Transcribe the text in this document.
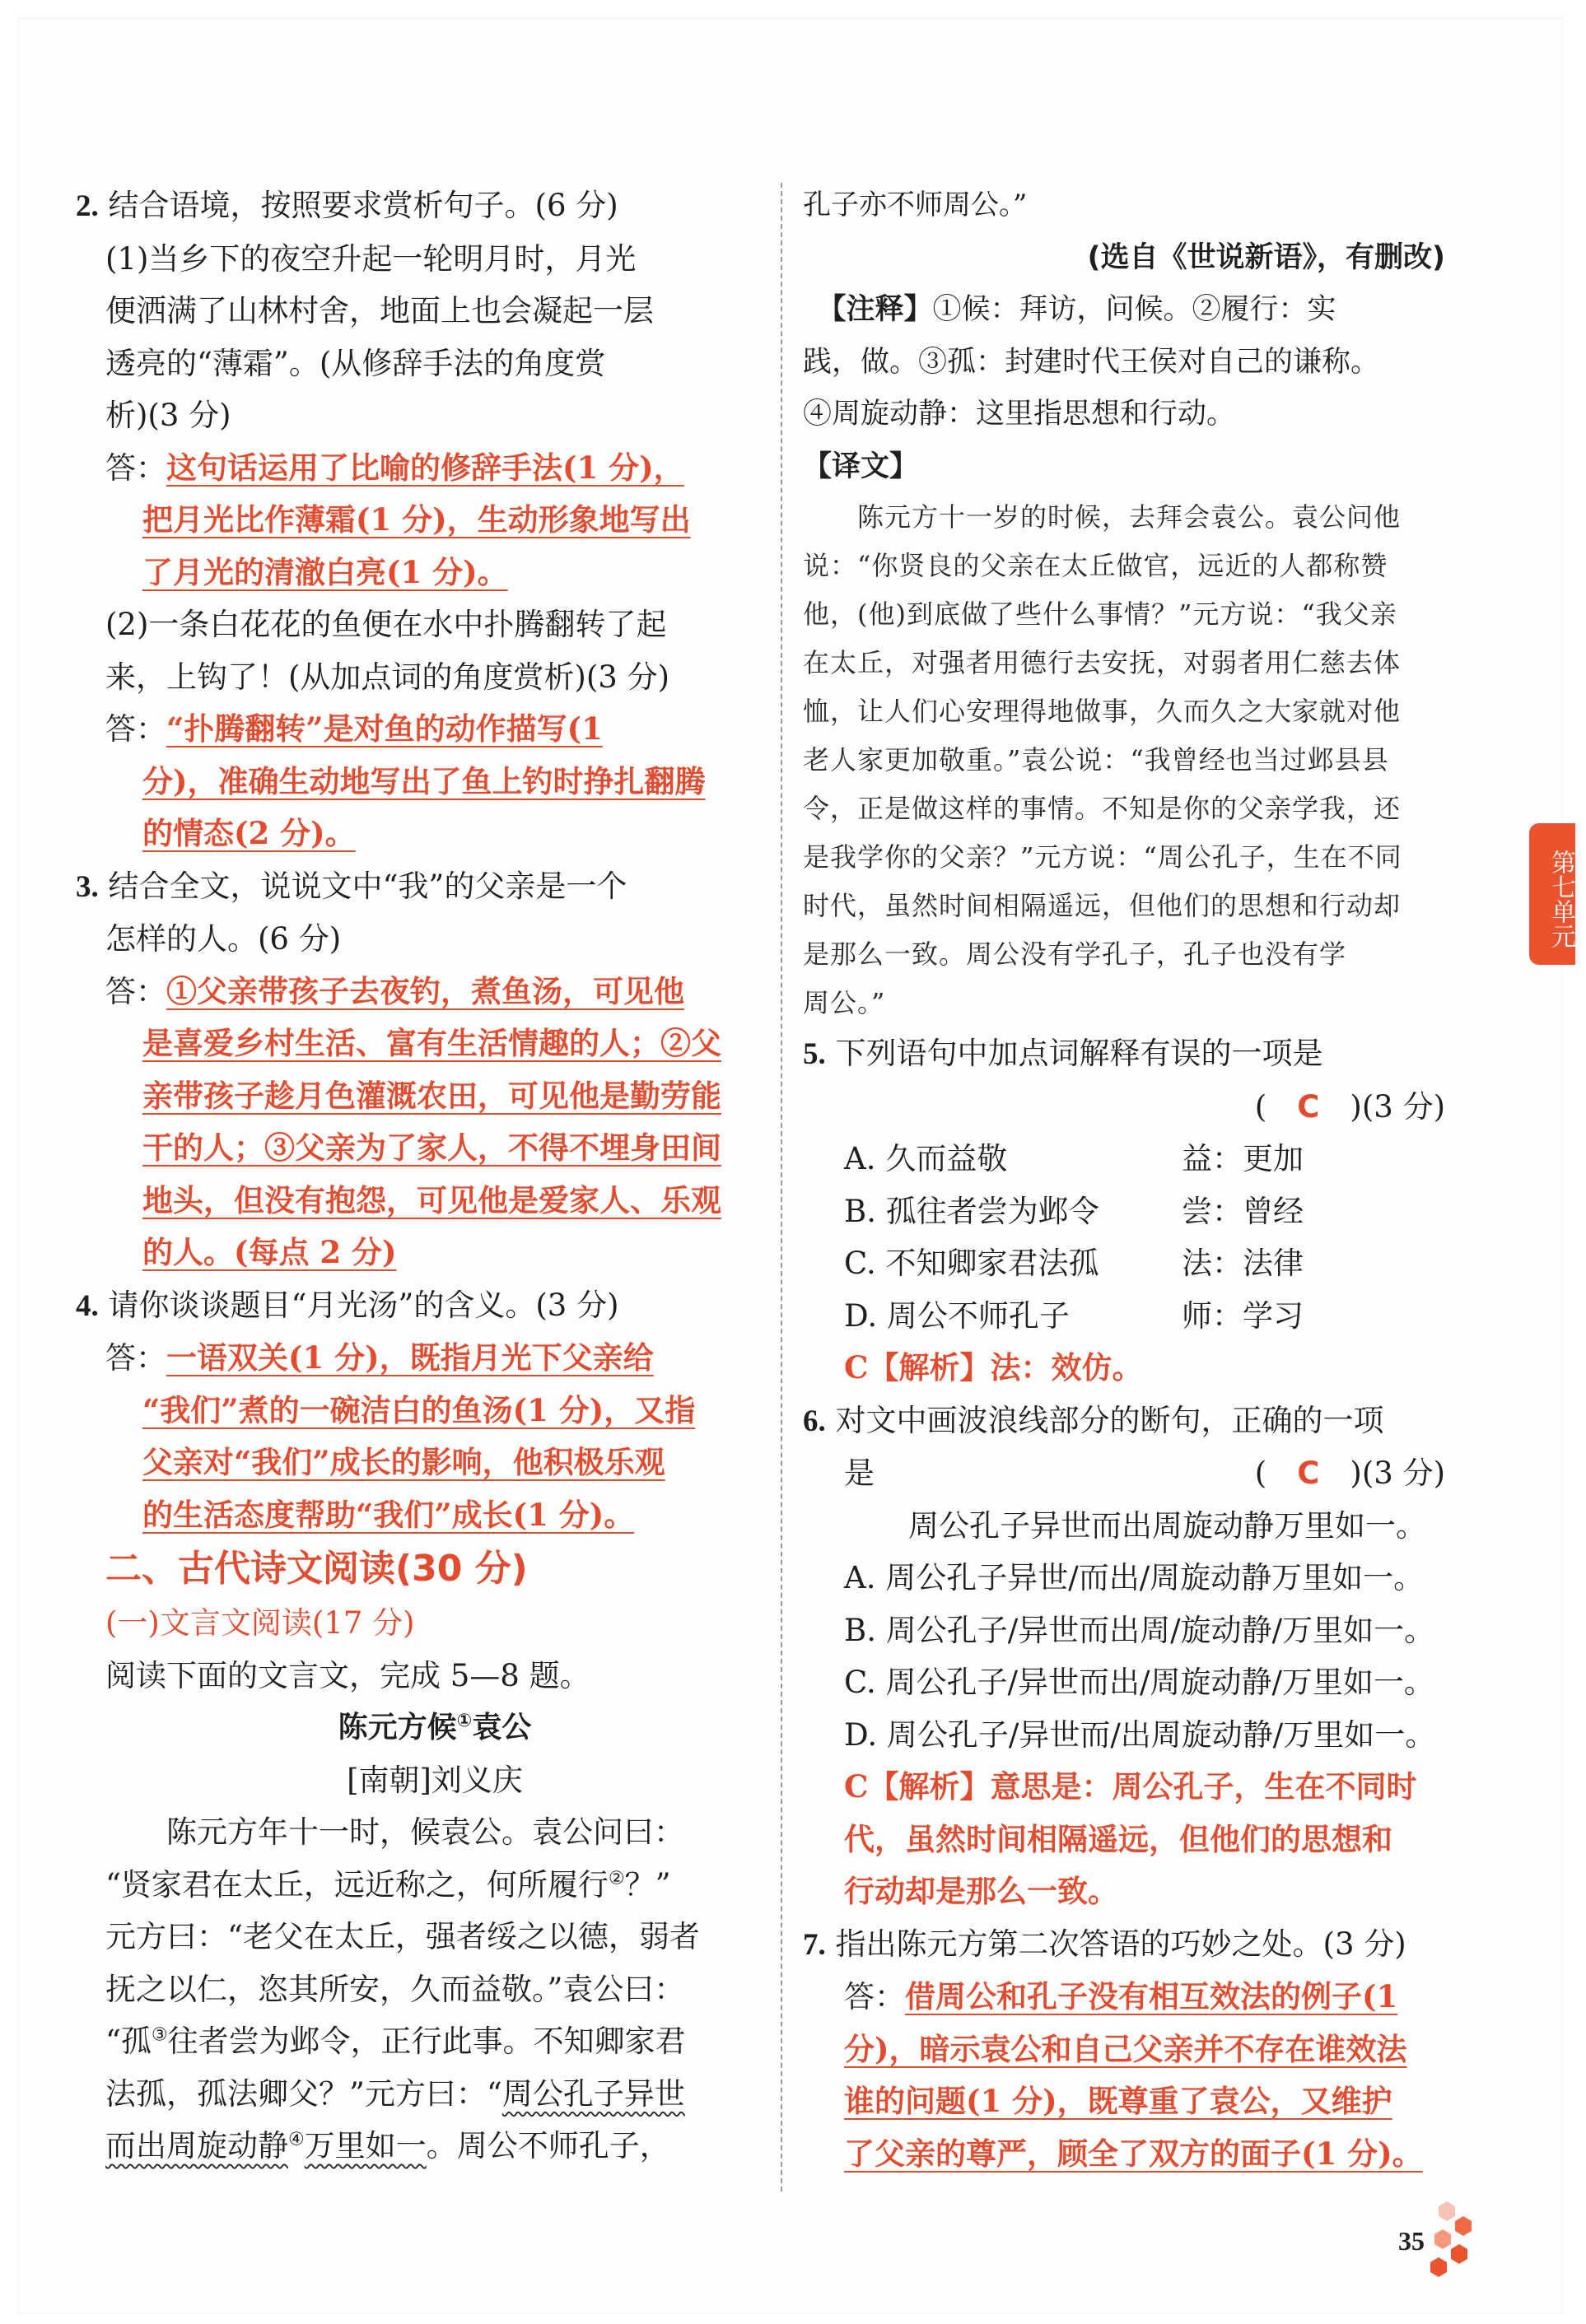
2. 结合语境，按照要求赏析句子。(6 分)
(1)当乡下的夜空升起一轮明月时，月光
便洒满了山林村舍，地面上也会凝起一层
透亮的“薄霜”。(从修辞手法的角度赏
析)(3 分)
答：这句话运用了比喻的修辞手法(1 分)，
把月光比作薄霜(1 分)，生动形象地写出
了月光的清澈白亮(1 分)。
(2)一条白花花的鱼便在水中扑腾翻转了起
来，上钩了！(从加点词的角度赏析)(3 分)
答：“扑腾翻转”是对鱼的动作描写(1
分)，准确生动地写出了鱼上钓时挣扎翻腾
的情态(2 分)。
3. 结合全文，说说文中“我”的父亲是一个
怎样的人。(6 分)
答：①父亲带孩子去夜钓，煮鱼汤，可见他
是喜爱乡村生活、富有生活情趣的人；②父
亲带孩子趁月色灌溉农田，可见他是勤劳能
干的人；③父亲为了家人，不得不埋身田间
地头，但没有抱怨，可见他是爱家人、乐观
的人。(每点 2 分)
4. 请你谈谈题目“月光汤”的含义。(3 分)
答：一语双关(1 分)，既指月光下父亲给
“我们”煮的一碗洁白的鱼汤(1 分)，又指
父亲对“我们”成长的影响，他积极乐观
的生活态度帮助“我们”成长(1 分)。
二、古代诗文阅读(30 分)
(一)文言文阅读(17 分)
阅读下面的文言文，完成 5—8 题。
陈元方候①袁公
[南朝]刘义庆
　　陈元方年十一时，候袁公。袁公问曰：
“贤家君在太丘，远近称之，何所履行②？”
元方曰：“老父在太丘，强者绥之以德，弱者
抚之以仁，恣其所安，久而益敬。”袁公曰：
“孤③往者尝为邺令，正行此事。不知卿家君
法孤，孤法卿父？”元方曰：“周公孔子异世
而出周旋动静④万里如一。周公不师孔子，
孔子亦不师周公。”
(选自《世说新语》，有删改)
　【注释】①候：拜访，问候。②履行：实
践，做。③孤：封建时代王侯对自己的谦称。
④周旋动静：这里指思想和行动。
【译文】
　　陈元方十一岁的时候，去拜会袁公。袁公问他
说：“你贤良的父亲在太丘做官，远近的人都称赞
他，(他)到底做了些什么事情？”元方说：“我父亲
在太丘，对强者用德行去安抚，对弱者用仁慈去体
恤，让人们心安理得地做事，久而久之大家就对他
老人家更加敬重。”袁公说：“我曾经也当过邺县县
令，正是做这样的事情。不知是你的父亲学我，还
是我学你的父亲？”元方说：“周公孔子，生在不同
时代，虽然时间相隔遥远，但他们的思想和行动却
是那么一致。周公没有学孔子，孔子也没有学
周公。”
5. 下列语句中加点词解释有误的一项是
(　C　)(3 分)
A. 久而益敬	益：更加
B. 孤往者尝为邺令	尝：曾经
C. 不知卿家君法孤	法：法律
D. 周公不师孔子	师：学习
C【解析】法：效仿。
6. 对文中画波浪线部分的断句，正确的一项
是	(　C　)(3 分)
周公孔子异世而出周旋动静万里如一。
A. 周公孔子异世/而出/周旋动静万里如一。
B. 周公孔子/异世而出周/旋动静/万里如一。
C. 周公孔子/异世而出/周旋动静/万里如一。
D. 周公孔子/异世而/出周旋动静/万里如一。
C【解析】意思是：周公孔子，生在不同时
代，虽然时间相隔遥远，但他们的思想和
行动却是那么一致。
7. 指出陈元方第二次答语的巧妙之处。(3 分)
答：借周公和孔子没有相互效法的例子(1
分)，暗示袁公和自己父亲并不存在谁效法
谁的问题(1 分)，既尊重了袁公，又维护
了父亲的尊严，顾全了双方的面子(1 分)。
第七单元
35
